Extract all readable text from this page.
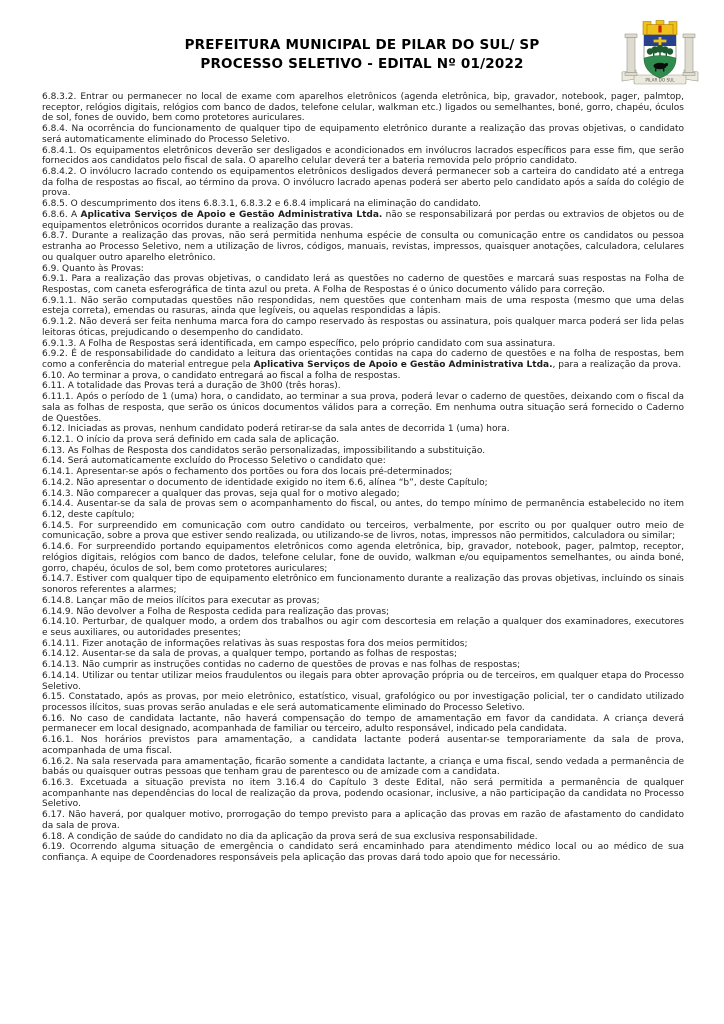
PREFEITURA MUNICIPAL DE PILAR DO SUL/ SP
PROCESSO SELETIVO - EDITAL Nº 01/2022
PILAR DO SUL
6.8.3.2. Entrar ou permanecer no local de exame com aparelhos eletrônicos (agenda eletrônica, bip, gravador, notebook, pager, palmtop, receptor, relógios digitais, relógios com banco de dados, telefone celular, walkman etc.) ligados ou semelhantes, boné, gorro, chapéu, óculos de sol, fones de ouvido, bem como protetores auriculares.
6.8.4. Na ocorrência do funcionamento de qualquer tipo de equipamento eletrônico durante a realização das provas objetivas, o candidato será automaticamente eliminado do Processo Seletivo.
6.8.4.1. Os equipamentos eletrônicos deverão ser desligados e acondicionados em invólucros lacrados específicos para esse fim, que serão fornecidos aos candidatos pelo fiscal de sala. O aparelho celular deverá ter a bateria removida pelo próprio candidato.
6.8.4.2. O invólucro lacrado contendo os equipamentos eletrônicos desligados deverá permanecer sob a carteira do candidato até a entrega da folha de respostas ao fiscal, ao término da prova. O invólucro lacrado apenas poderá ser aberto pelo candidato após a saída do colégio de prova.
6.8.5. O descumprimento dos itens 6.8.3.1, 6.8.3.2 e 6.8.4 implicará na eliminação do candidato.
6.8.6. A Aplicativa Serviços de Apoio e Gestão Administrativa Ltda. não se responsabilizará por perdas ou extravios de objetos ou de equipamentos eletrônicos ocorridos durante a realização das provas.
6.8.7. Durante a realização das provas, não será permitida nenhuma espécie de consulta ou comunicação entre os candidatos ou pessoa estranha ao Processo Seletivo, nem a utilização de livros, códigos, manuais, revistas, impressos, quaisquer anotações, calculadora, celulares ou qualquer outro aparelho eletrônico.
6.9. Quanto às Provas:
6.9.1. Para a realização das provas objetivas, o candidato lerá as questões no caderno de questões e marcará suas respostas na Folha de Respostas, com caneta esferográfica de tinta azul ou preta. A Folha de Respostas é o único documento válido para correção.
6.9.1.1. Não serão computadas questões não respondidas, nem questões que contenham mais de uma resposta (mesmo que uma delas esteja correta), emendas ou rasuras, ainda que legíveis, ou aquelas respondidas a lápis.
6.9.1.2. Não deverá ser feita nenhuma marca fora do campo reservado às respostas ou assinatura, pois qualquer marca poderá ser lida pelas leitoras óticas, prejudicando o desempenho do candidato.
6.9.1.3. A Folha de Respostas será identificada, em campo específico, pelo próprio candidato com sua assinatura.
6.9.2. É de responsabilidade do candidato a leitura das orientações contidas na capa do caderno de questões e na folha de respostas, bem como a conferência do material entregue pela Aplicativa Serviços de Apoio e Gestão Administrativa Ltda., para a realização da prova.
6.10. Ao terminar a prova, o candidato entregará ao fiscal a folha de respostas.
6.11. A totalidade das Provas terá a duração de 3h00 (três horas).
6.11.1. Após o período de 1 (uma) hora, o candidato, ao terminar a sua prova, poderá levar o caderno de questões, deixando com o fiscal da sala as folhas de resposta, que serão os únicos documentos válidos para a correção. Em nenhuma outra situação será fornecido o Caderno de Questões.
6.12. Iniciadas as provas, nenhum candidato poderá retirar-se da sala antes de decorrida 1 (uma) hora.
6.12.1. O início da prova será definido em cada sala de aplicação.
6.13. As Folhas de Resposta dos candidatos serão personalizadas, impossibilitando a substituição.
6.14. Será automaticamente excluído do Processo Seletivo o candidato que:
6.14.1. Apresentar-se após o fechamento dos portões ou fora dos locais pré-determinados;
6.14.2. Não apresentar o documento de identidade exigido no item 6.6, alínea “b”, deste Capítulo;
6.14.3. Não comparecer a qualquer das provas, seja qual for o motivo alegado;
6.14.4. Ausentar-se da sala de provas sem o acompanhamento do fiscal, ou antes, do tempo mínimo de permanência estabelecido no item 6.12, deste capítulo;
6.14.5. For surpreendido em comunicação com outro candidato ou terceiros, verbalmente, por escrito ou por qualquer outro meio de comunicação, sobre a prova que estiver sendo realizada, ou utilizando-se de livros, notas, impressos não permitidos, calculadora ou similar;
6.14.6. For surpreendido portando equipamentos eletrônicos como agenda eletrônica, bip, gravador, notebook, pager, palmtop, receptor, relógios digitais, relógios com banco de dados, telefone celular, fone de ouvido, walkman e/ou equipamentos semelhantes, ou ainda boné, gorro, chapéu, óculos de sol, bem como protetores auriculares;
6.14.7. Estiver com qualquer tipo de equipamento eletrônico em funcionamento durante a realização das provas objetivas, incluindo os sinais sonoros referentes a alarmes;
6.14.8. Lançar mão de meios ilícitos para executar as provas;
6.14.9. Não devolver a Folha de Resposta cedida para realização das provas;
6.14.10. Perturbar, de qualquer modo, a ordem dos trabalhos ou agir com descortesia em relação a qualquer dos examinadores, executores e seus auxiliares, ou autoridades presentes;
6.14.11. Fizer anotação de informações relativas às suas respostas fora dos meios permitidos;
6.14.12. Ausentar-se da sala de provas, a qualquer tempo, portando as folhas de respostas;
6.14.13. Não cumprir as instruções contidas no caderno de questões de provas e nas folhas de respostas;
6.14.14. Utilizar ou tentar utilizar meios fraudulentos ou ilegais para obter aprovação própria ou de terceiros, em qualquer etapa do Processo Seletivo.
6.15. Constatado, após as provas, por meio eletrônico, estatístico, visual, grafológico ou por investigação policial, ter o candidato utilizado processos ilícitos, suas provas serão anuladas e ele será automaticamente eliminado do Processo Seletivo.
6.16. No caso de candidata lactante, não haverá compensação do tempo de amamentação em favor da candidata. A criança deverá permanecer em local designado, acompanhada de familiar ou terceiro, adulto responsável, indicado pela candidata.
6.16.1. Nos horários previstos para amamentação, a candidata lactante poderá ausentar-se temporariamente da sala de prova, acompanhada de uma fiscal.
6.16.2. Na sala reservada para amamentação, ficarão somente a candidata lactante, a criança e uma fiscal, sendo vedada a permanência de babás ou quaisquer outras pessoas que tenham grau de parentesco ou de amizade com a candidata.
6.16.3. Excetuada a situação prevista no item 3.16.4 do Capítulo 3 deste Edital, não será permitida a permanência de qualquer acompanhante nas dependências do local de realização da prova, podendo ocasionar, inclusive, a não participação da candidata no Processo Seletivo.
6.17. Não haverá, por qualquer motivo, prorrogação do tempo previsto para a aplicação das provas em razão de afastamento do candidato da sala de prova.
6.18. A condição de saúde do candidato no dia da aplicação da prova será de sua exclusiva responsabilidade.
6.19. Ocorrendo alguma situação de emergência o candidato será encaminhado para atendimento médico local ou ao médico de sua confiança. A equipe de Coordenadores responsáveis pela aplicação das provas dará todo apoio que for necessário.
